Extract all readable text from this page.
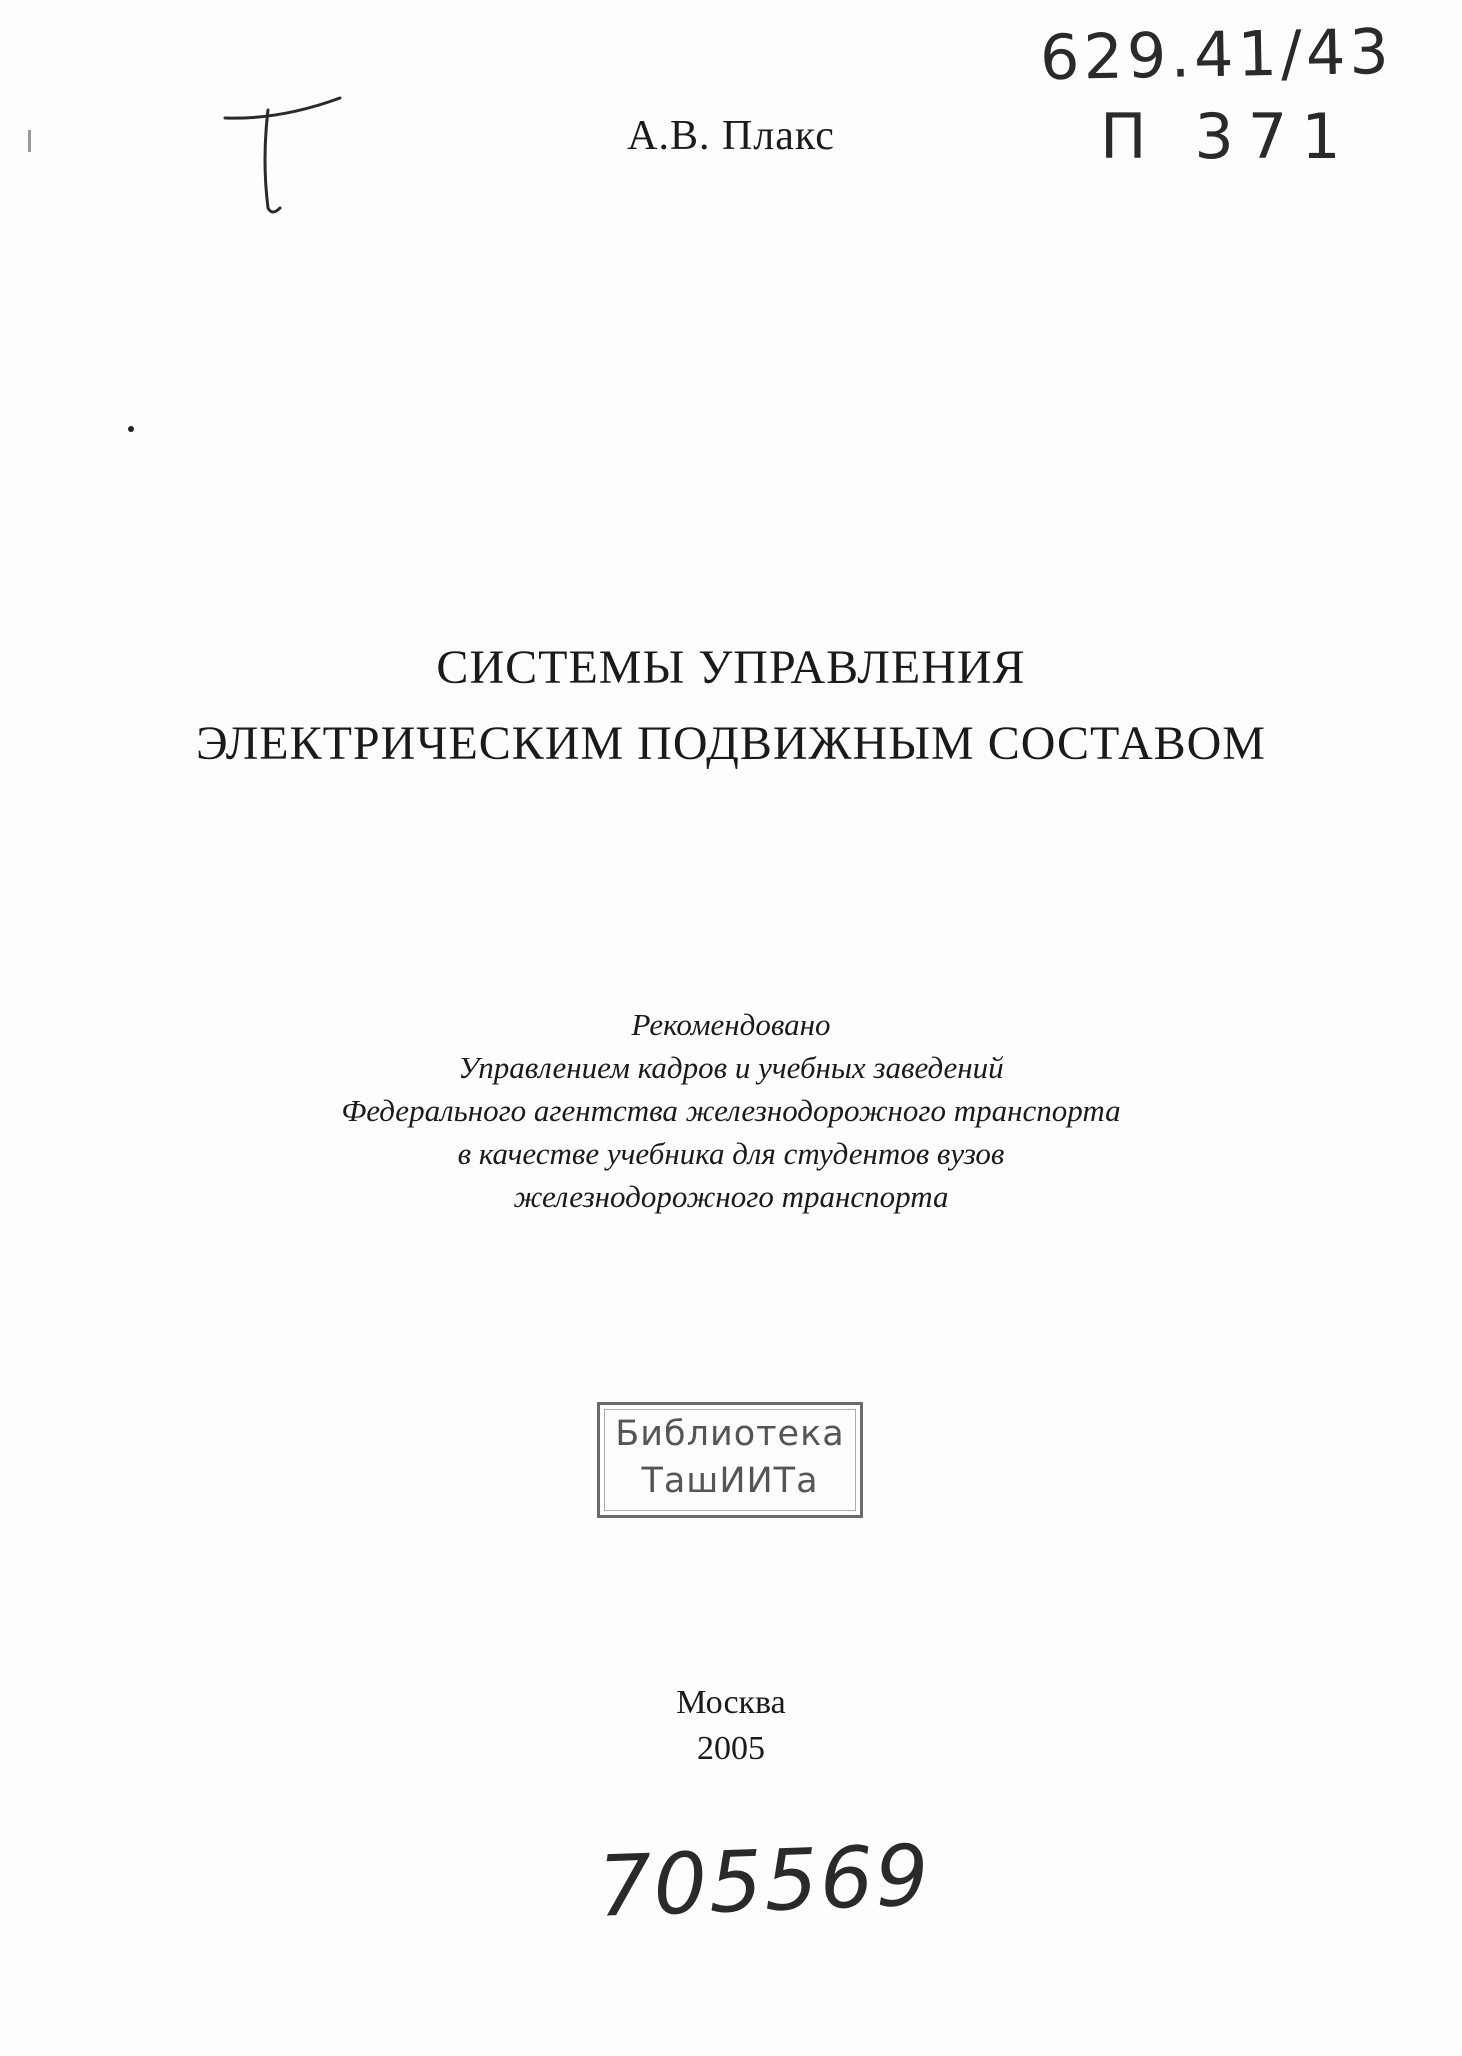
629.41/43
П 371
А.В. Плакс
СИСТЕМЫ УПРАВЛЕНИЯ
ЭЛЕКТРИЧЕСКИМ ПОДВИЖНЫМ СОСТАВОМ
Рекомендовано
Управлением кадров и учебных заведений
Федерального агентства железнодорожного транспорта
в качестве учебника для студентов вузов
железнодорожного транспорта
Библиотека
ТашИИТа
Москва
2005
705569
